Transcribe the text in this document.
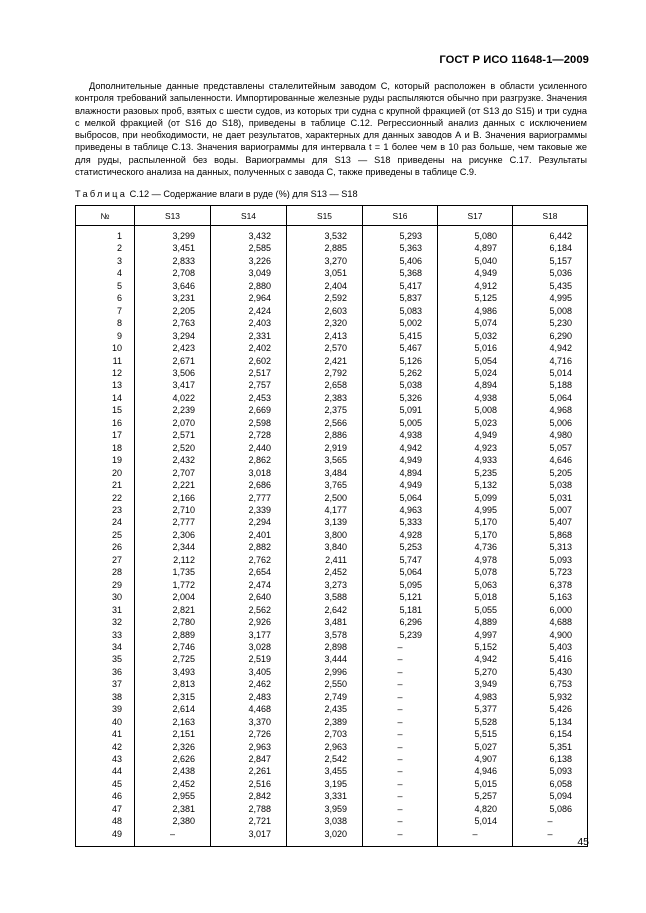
ГОСТ Р ИСО 11648-1—2009

Дополнительные данные представлены сталелитейным заводом С, который расположен в области усиленного контроля требований запыленности. Импортированные железные руды распыляются обычно при разгрузке. Значения влажности разовых проб, взятых с шести судов, из которых три судна с крупной фракцией (от S13 до S15) и три судна с мелкой фракцией (от S16 до S18), приведены в таблице С.12. Регрессионный анализ данных с исключением выбросов, при необходимости, не дает результатов, характерных для данных заводов А и В. Значения вариограммы приведены в таблице С.13. Значения вариограммы для интервала t = 1 более чем в 10 раз больше, чем таковые же для руды, распыленной без воды. Вариограммы для S13 — S18 приведены на рисунке С.17. Результаты статистического анализа на данных, полученных с завода С, также приведены в таблице С.9.

Таблица С.12 — Содержание влаги в руде (%) для S13 — S18
№	S13	S14	S15	S16	S17	S18
1	3,299	3,432	3,532	5,293	5,080	6,442
2	3,451	2,585	2,885	5,363	4,897	6,184
3	2,833	3,226	3,270	5,406	5,040	5,157
4	2,708	3,049	3,051	5,368	4,949	5,036
5	3,646	2,880	2,404	5,417	4,912	5,435
6	3,231	2,964	2,592	5,837	5,125	4,995
7	2,205	2,424	2,603	5,083	4,986	5,008
8	2,763	2,403	2,320	5,002	5,074	5,230
9	3,294	2,331	2,413	5,415	5,032	6,290
10	2,423	2,402	2,570	5,467	5,016	4,942
11	2,671	2,602	2,421	5,126	5,054	4,716
12	3,506	2,517	2,792	5,262	5,024	5,014
13	3,417	2,757	2,658	5,038	4,894	5,188
14	4,022	2,453	2,383	5,326	4,938	5,064
15	2,239	2,669	2,375	5,091	5,008	4,968
16	2,070	2,598	2,566	5,005	5,023	5,006
17	2,571	2,728	2,886	4,938	4,949	4,980
18	2,520	2,440	2,919	4,942	4,923	5,057
19	2,432	2,862	3,565	4,949	4,933	4,646
20	2,707	3,018	3,484	4,894	5,235	5,205
21	2,221	2,686	3,765	4,949	5,132	5,038
22	2,166	2,777	2,500	5,064	5,099	5,031
23	2,710	2,339	4,177	4,963	4,995	5,007
24	2,777	2,294	3,139	5,333	5,170	5,407
25	2,306	2,401	3,800	4,928	5,170	5,868
26	2,344	2,882	3,840	5,253	4,736	5,313
27	2,112	2,762	2,411	5,747	4,978	5,093
28	1,735	2,654	2,452	5,064	5,078	5,723
29	1,772	2,474	3,273	5,095	5,063	6,378
30	2,004	2,640	3,588	5,121	5,018	5,163
31	2,821	2,562	2,642	5,181	5,055	6,000
32	2,780	2,926	3,481	6,296	4,889	4,688
33	2,889	3,177	3,578	5,239	4,997	4,900
34	2,746	3,028	2,898	–	5,152	5,403
35	2,725	2,519	3,444	–	4,942	5,416
36	3,493	3,405	2,996	–	5,270	5,430
37	2,813	2,462	2,550	–	3,949	6,753
38	2,315	2,483	2,749	–	4,983	5,932
39	2,614	4,468	2,435	–	5,377	5,426
40	2,163	3,370	2,389	–	5,528	5,134
41	2,151	2,726	2,703	–	5,515	6,154
42	2,326	2,963	2,963	–	5,027	5,351
43	2,626	2,847	2,542	–	4,907	6,138
44	2,438	2,261	3,455	–	4,946	5,093
45	2,452	2,516	3,195	–	5,015	6,058
46	2,955	2,842	3,331	–	5,257	5,094
47	2,381	2,788	3,959	–	4,820	5,086
48	2,380	2,721	3,038	–	5,014	–
49	–	3,017	3,020	–	–	–
45
